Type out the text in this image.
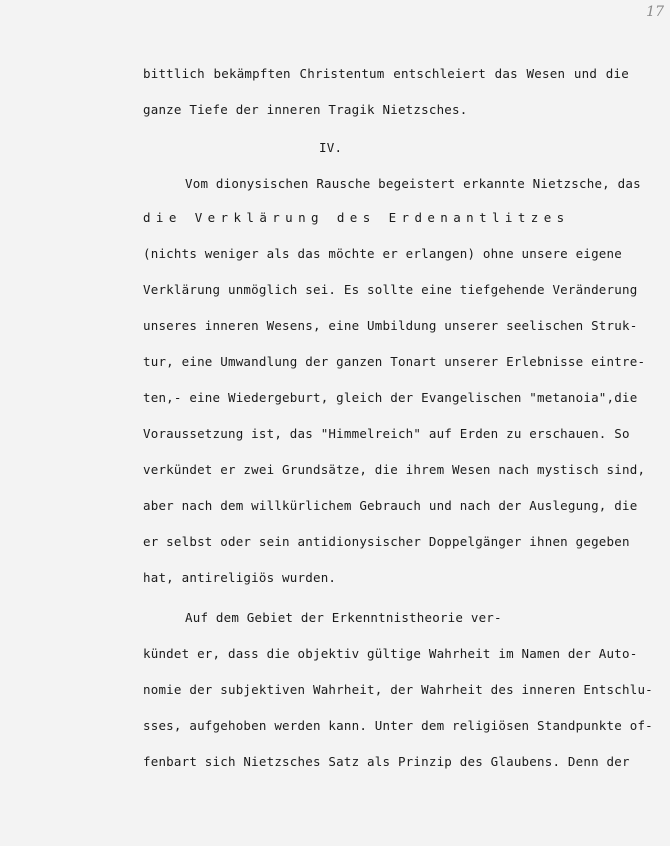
17
bittlich bekämpften Christentum entschleiert das Wesen und die
ganze Tiefe der inneren Tragik Nietzsches.
IV.
Vom dionysischen Rausche begeistert erkannte Nietzsche, das
die Verklärung des Erdenantlitzes
(nichts weniger als das möchte er erlangen) ohne unsere eigene
Verklärung unmöglich sei. Es sollte eine tiefgehende Veränderung
unseres inneren Wesens, eine Umbildung unserer seelischen Struk-
tur, eine Umwandlung der ganzen Tonart unserer Erlebnisse eintre-
ten,- eine Wiedergeburt, gleich der Evangelischen "metanoia",die
Voraussetzung ist, das "Himmelreich" auf Erden zu erschauen. So
verkündet er zwei Grundsätze, die ihrem Wesen nach mystisch sind,
aber nach dem willkürlichem Gebrauch und nach der Auslegung, die
er selbst oder sein antidionysischer Doppelgänger ihnen gegeben
hat, antireligiös wurden.
Auf dem Gebiet der Erkenntnistheorie ver-
kündet er, dass die objektiv gültige Wahrheit im Namen der Auto-
nomie der subjektiven Wahrheit, der Wahrheit des inneren Entschlu-
sses, aufgehoben werden kann. Unter dem religiösen Standpunkte of-
fenbart sich Nietzsches Satz als Prinzip des Glaubens. Denn der
